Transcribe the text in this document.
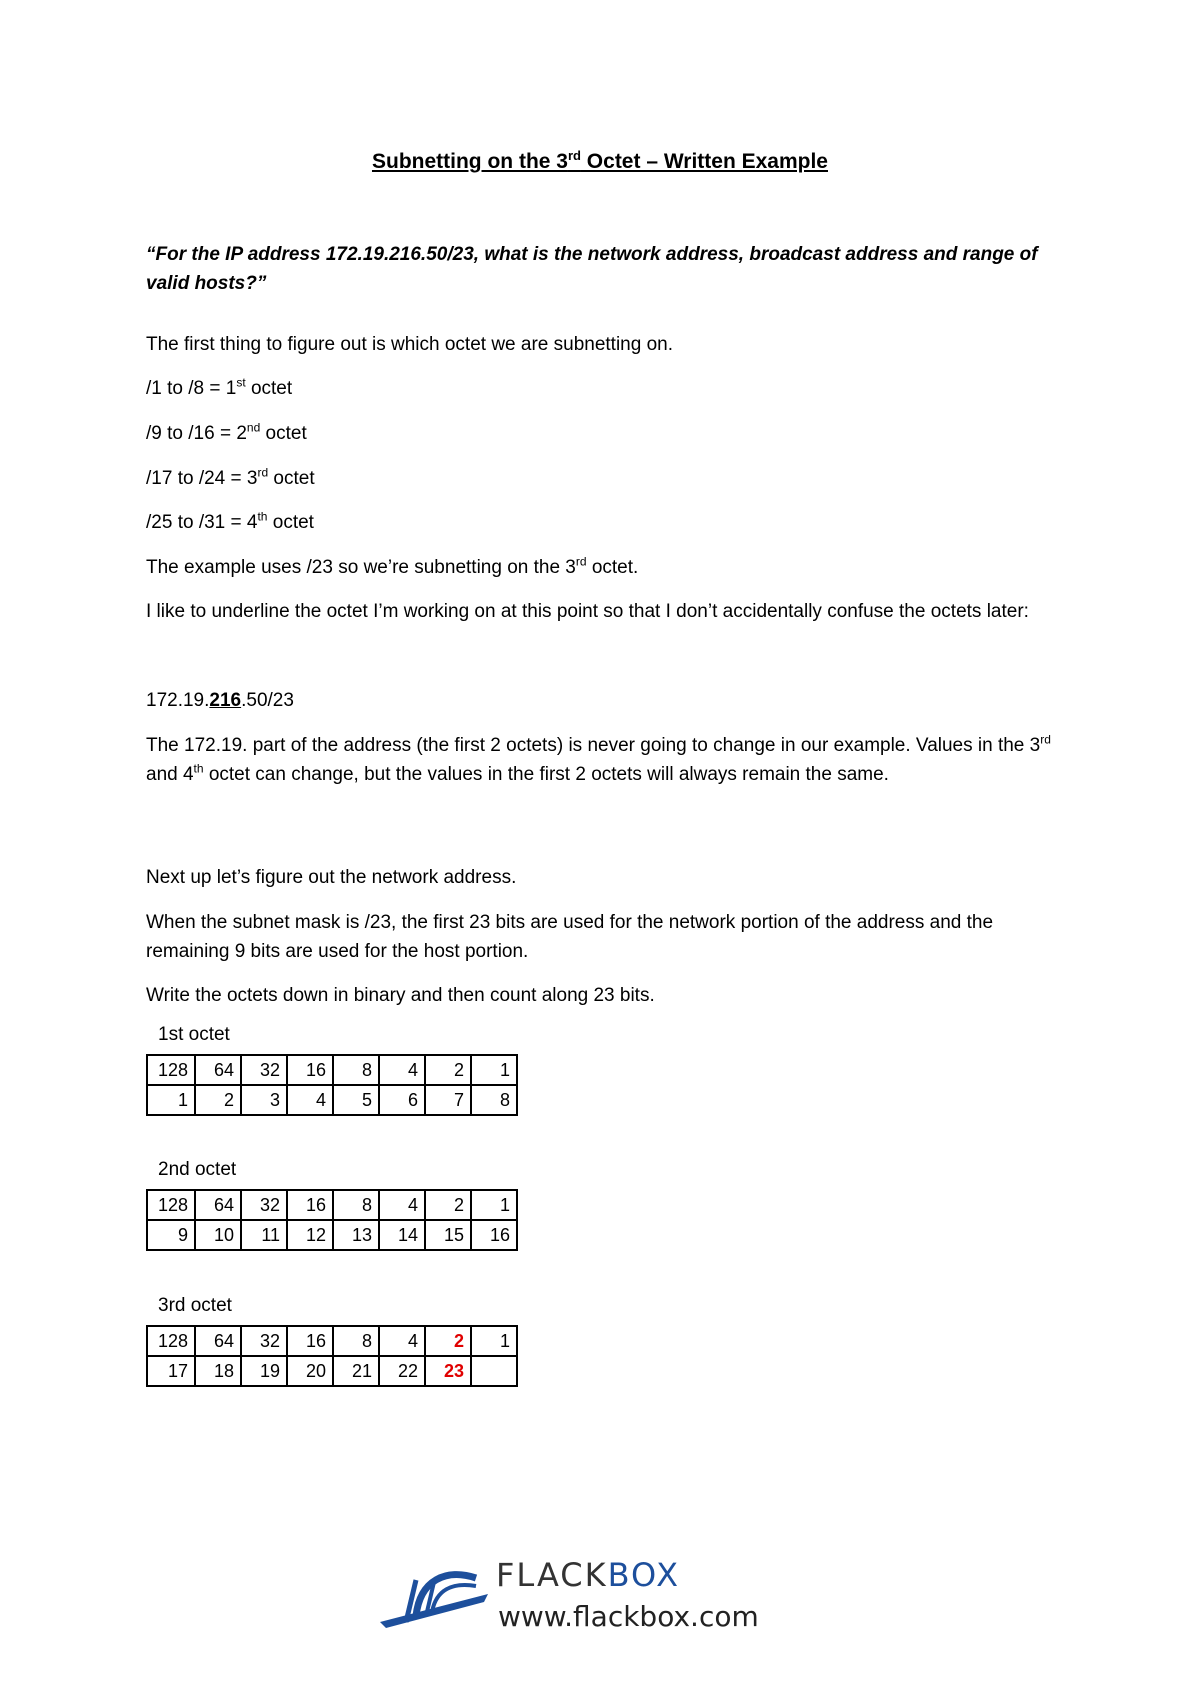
Subnetting on the 3rd Octet – Written Example
“For the IP address 172.19.216.50/23, what is the network address, broadcast address and range of valid hosts?”

The first thing to figure out is which octet we are subnetting on.

/1 to /8 = 1st octet

/9 to /16 = 2nd octet

/17 to /24 = 3rd octet

/25 to /31 = 4th octet

The example uses /23 so we’re subnetting on the 3rd octet.

I like to underline the octet I’m working on at this point so that I don’t accidentally confuse the octets later:

172.19.216.50/23

The 172.19. part of the address (the first 2 octets) is never going to change in our example. Values in the 3rd and 4th octet can change, but the values in the first 2 octets will always remain the same.

Next up let’s figure out the network address.

When the subnet mask is /23, the first 23 bits are used for the network portion of the address and the remaining 9 bits are used for the host portion.

Write the octets down in binary and then count along 23 bits.

1st octet
128	64	32	16	8	4	2	1
1	2	3	4	5	6	7	8
2nd octet
128	64	32	16	8	4	2	1
9	10	11	12	13	14	15	16
3rd octet
128	64	32	16	8	4	2	1
17	18	19	20	21	22	23	
FLACKBOX
www.flackbox.com
